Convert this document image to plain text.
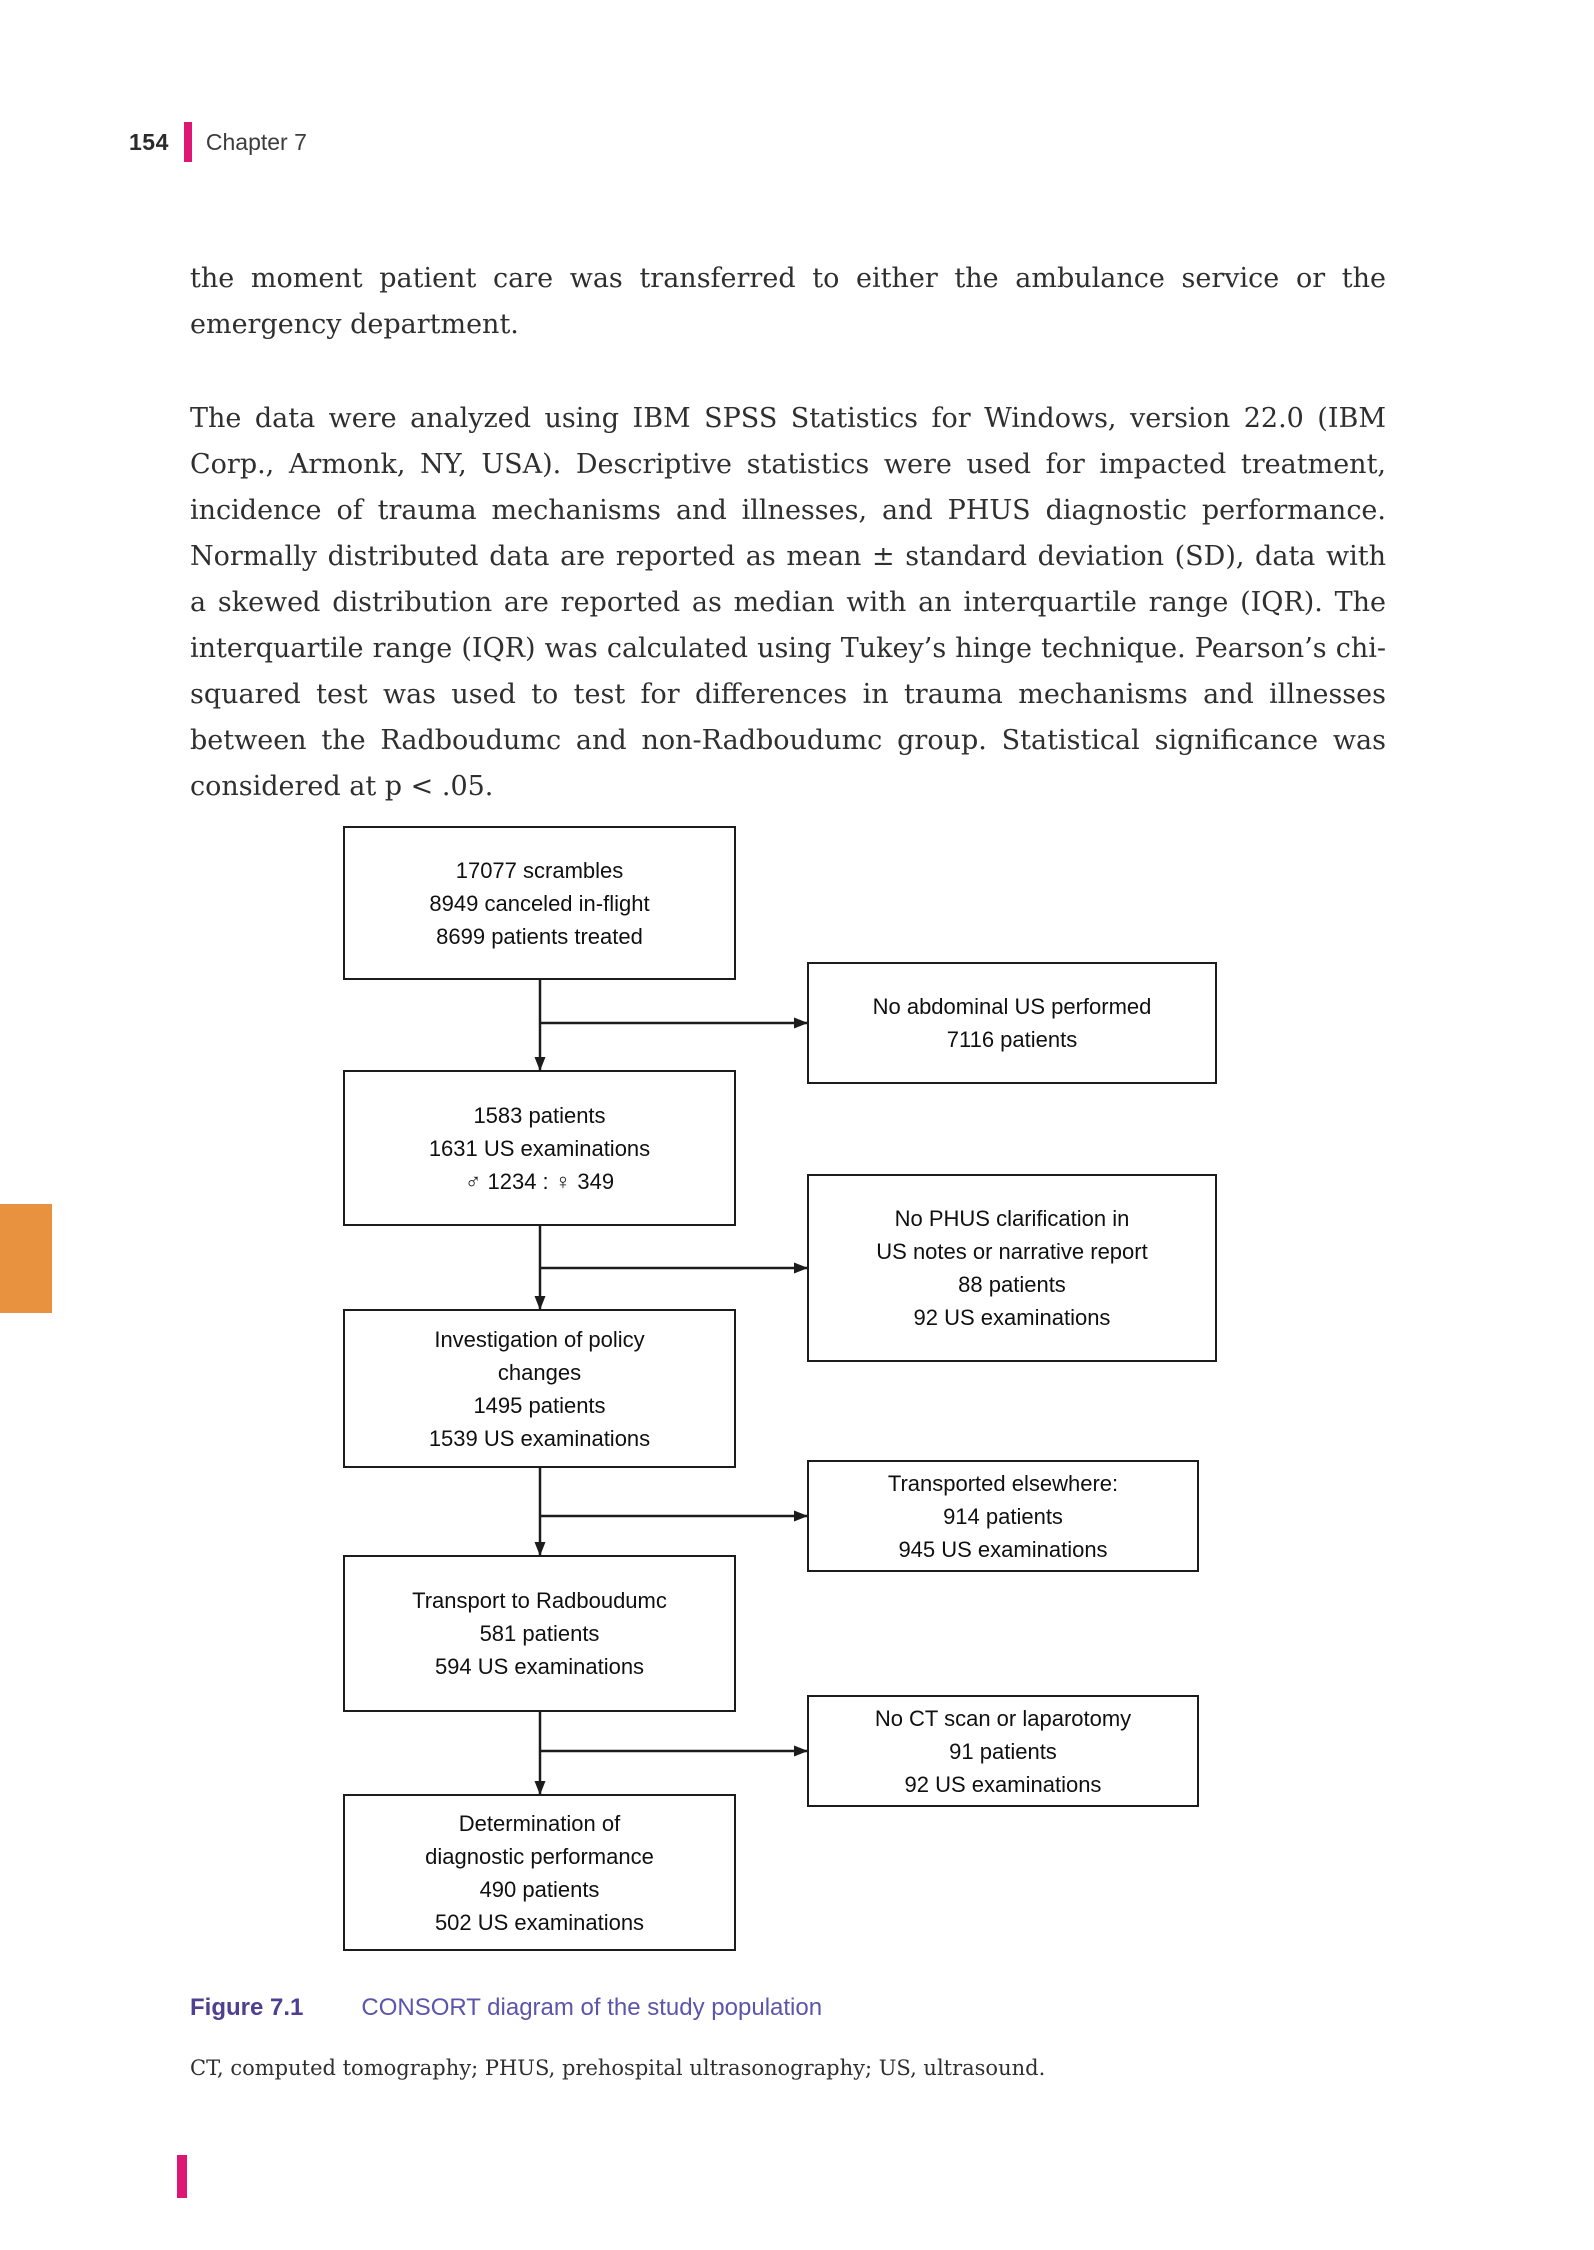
154 Chapter 7

the moment patient care was transferred to either the ambulance service or the emergency department.

The data were analyzed using IBM SPSS Statistics for Windows, version 22.0 (IBM Corp., Armonk, NY, USA). Descriptive statistics were used for impacted treatment, incidence of trauma mechanisms and illnesses, and PHUS diagnostic performance. Normally distributed data are reported as mean ± standard deviation (SD), data with a skewed distribution are reported as median with an interquartile range (IQR). The interquartile range (IQR) was calculated using Tukey’s hinge technique. Pearson’s chi-squared test was used to test for differences in trauma mechanisms and illnesses between the Radboudumc and non-Radboudumc group. Statistical significance was considered at p < .05.

17077 scrambles
8949 canceled in-flight
8699 patients treated
1583 patients
1631 US examinations
♂ 1234 : ♀ 349
Investigation of policy
changes
1495 patients
1539 US examinations
Transport to Radboudumc
581 patients
594 US examinations
Determination of
diagnostic performance
490 patients
502 US examinations
No abdominal US performed
7116 patients
No PHUS clarification in
US notes or narrative report
88 patients
92 US examinations
Transported elsewhere:
914 patients
945 US examinations
No CT scan or laparotomy
91 patients
92 US examinations
Figure 7.1 CONSORT diagram of the study population
CT, computed tomography; PHUS, prehospital ultrasonography; US, ultrasound.
